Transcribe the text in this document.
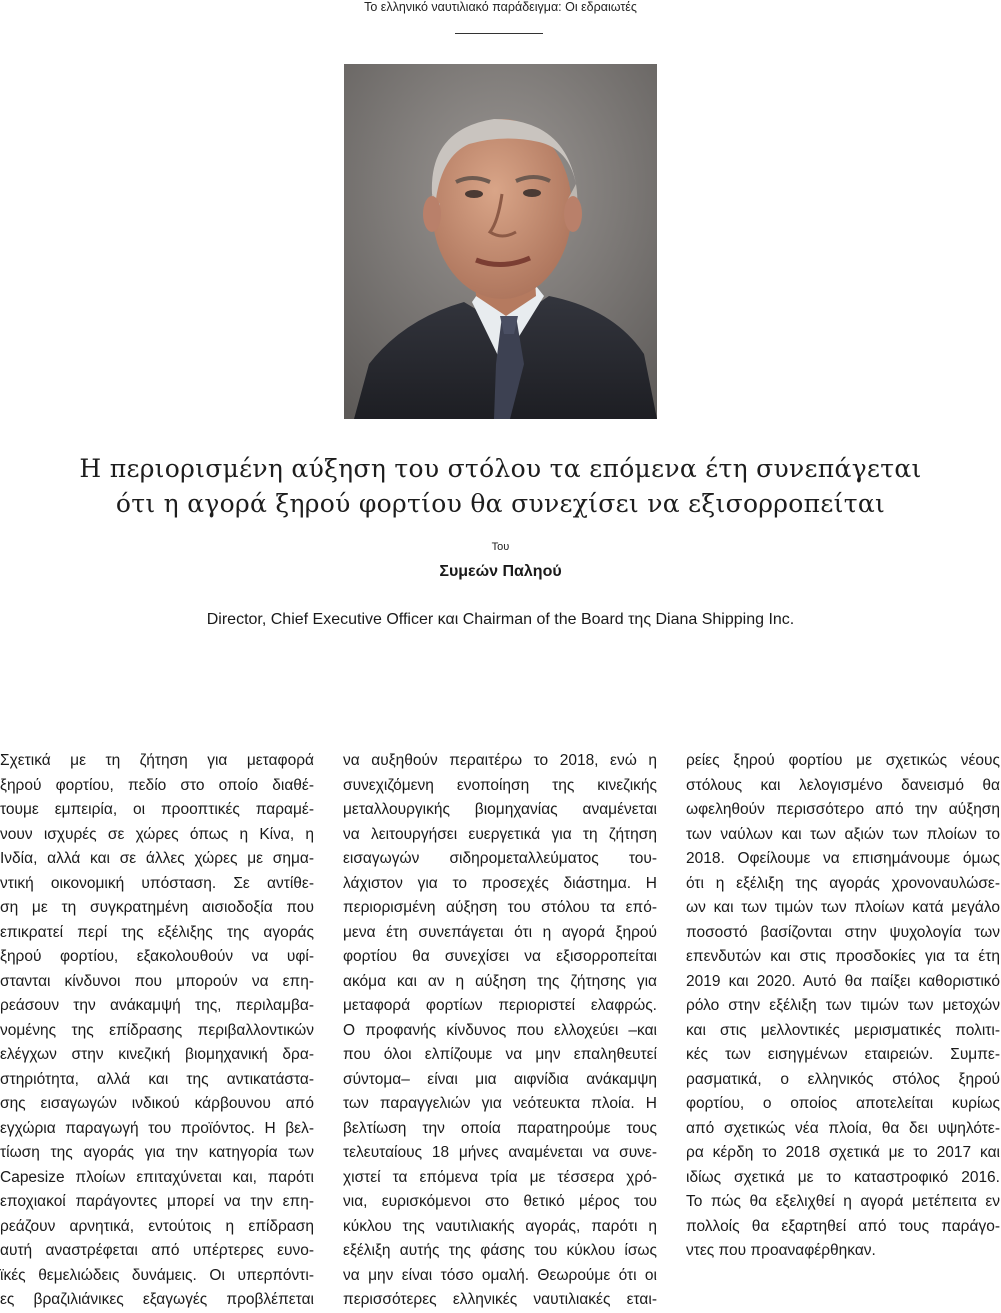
Το ελληνικό ναυτιλιακό παράδειγμα: Οι εδραιωτές
Η περιορισμένη αύξηση του στόλου τα επόμενα έτη συνεπάγεται
ότι η αγορά ξηρού φορτίου θα συνεχίσει να εξισορροπείται
Του
Συμεών Παληού
Director, Chief Executive Officer και Chairman of the Board της Diana Shipping Inc.
Σχετικά με τη ζήτηση για μεταφορά
ξηρού φορτίου, πεδίο στο οποίο διαθέ-
τουμε εμπειρία, οι προοπτικές παραμέ-
νουν ισχυρές σε χώρες όπως η Κίνα, η
Ινδία, αλλά και σε άλλες χώρες με σημα-
ντική οικονομική υπόσταση. Σε αντίθε-
ση με τη συγκρατημένη αισιοδοξία που
επικρατεί περί της εξέλιξης της αγοράς
ξηρού φορτίου, εξακολουθούν να υφί-
στανται κίνδυνοι που μπορούν να επη-
ρεάσουν την ανάκαμψή της, περιλαμβα-
νομένης της επίδρασης περιβαλλοντικών
ελέγχων στην κινεζική βιομηχανική δρα-
στηριότητα, αλλά και της αντικατάστα-
σης εισαγωγών ινδικού κάρβουνου από
εγχώρια παραγωγή του προϊόντος. Η βελ-
τίωση της αγοράς για την κατηγορία των
Capesize πλοίων επιταχύνεται και, παρότι
εποχιακοί παράγοντες μπορεί να την επη-
ρεάζουν αρνητικά, εντούτοις η επίδραση
αυτή αναστρέφεται από υπέρτερες ευνο-
ϊκές θεμελιώδεις δυνάμεις. Οι υπερπόντι-
ες βραζιλιάνικες εξαγωγές προβλέπεται
να αυξηθούν περαιτέρω το 2018, ενώ η
συνεχιζόμενη ενοποίηση της κινεζικής
μεταλλουργικής βιομηχανίας αναμένεται
να λειτουργήσει ευεργετικά για τη ζήτηση
εισαγωγών σιδηρομεταλλεύματος του-
λάχιστον για το προσεχές διάστημα. Η
περιορισμένη αύξηση του στόλου τα επό-
μενα έτη συνεπάγεται ότι η αγορά ξηρού
φορτίου θα συνεχίσει να εξισορροπείται
ακόμα και αν η αύξηση της ζήτησης για
μεταφορά φορτίων περιοριστεί ελαφρώς.
Ο προφανής κίνδυνος που ελλοχεύει –και
που όλοι ελπίζουμε να μην επαληθευτεί
σύντομα– είναι μια αιφνίδια ανάκαμψη
των παραγγελιών για νεότευκτα πλοία. Η
βελτίωση την οποία παρατηρούμε τους
τελευταίους 18 μήνες αναμένεται να συνε-
χιστεί τα επόμενα τρία με τέσσερα χρό-
νια, ευρισκόμενοι στο θετικό μέρος του
κύκλου της ναυτιλιακής αγοράς, παρότι η
εξέλιξη αυτής της φάσης του κύκλου ίσως
να μην είναι τόσο ομαλή. Θεωρούμε ότι οι
περισσότερες ελληνικές ναυτιλιακές εται-
ρείες ξηρού φορτίου με σχετικώς νέους
στόλους και λελογισμένο δανεισμό θα
ωφεληθούν περισσότερο από την αύξηση
των ναύλων και των αξιών των πλοίων το
2018. Οφείλουμε να επισημάνουμε όμως
ότι η εξέλιξη της αγοράς χρονοναυλώσε-
ων και των τιμών των πλοίων κατά μεγάλο
ποσοστό βασίζονται στην ψυχολογία των
επενδυτών και στις προσδοκίες για τα έτη
2019 και 2020. Αυτό θα παίξει καθοριστικό
ρόλο στην εξέλιξη των τιμών των μετοχών
και στις μελλοντικές μερισματικές πολιτι-
κές των εισηγμένων εταιρειών. Συμπε-
ρασματικά, ο ελληνικός στόλος ξηρού
φορτίου, ο οποίος αποτελείται κυρίως
από σχετικώς νέα πλοία, θα δει υψηλότε-
ρα κέρδη το 2018 σχετικά με το 2017 και
ιδίως σχετικά με το καταστροφικό 2016.
Το πώς θα εξελιχθεί η αγορά μετέπειτα εν
πολλοίς θα εξαρτηθεί από τους παράγο-
ντες που προαναφέρθηκαν.
